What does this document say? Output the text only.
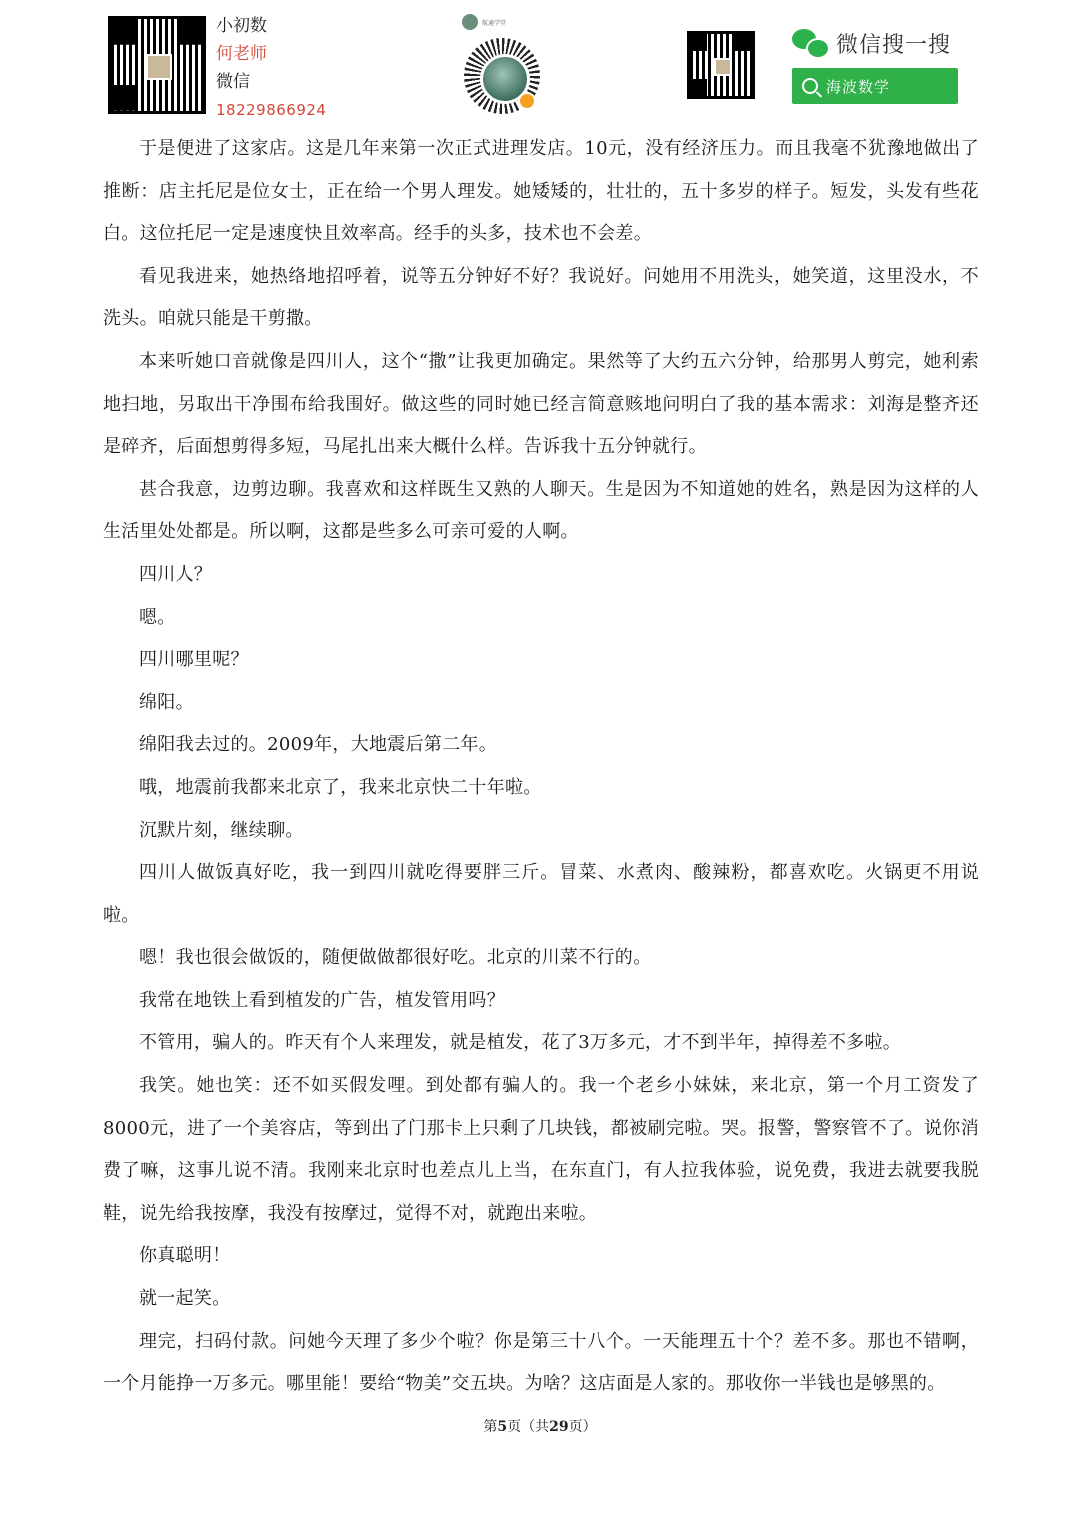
小初数
何老师
微信
18229866924
航通学堂
微信搜一搜
海波数学

于是便进了这家店。这是几年来第一次正式进理发店。10元，没有经济压力。而且我毫不犹豫地做出了推断：店主托尼是位女士，正在给一个男人理发。她矮矮的，壮壮的，五十多岁的样子。短发，头发有些花白。这位托尼一定是速度快且效率高。经手的头多，技术也不会差。

看见我进来，她热络地招呼着，说等五分钟好不好？我说好。问她用不用洗头，她笑道，这里没水，不洗头。咱就只能是干剪撒。

本来听她口音就像是四川人，这个“撒”让我更加确定。果然等了大约五六分钟，给那男人剪完，她利索地扫地，另取出干净围布给我围好。做这些的同时她已经言简意赅地问明白了我的基本需求：刘海是整齐还是碎齐，后面想剪得多短，马尾扎出来大概什么样。告诉我十五分钟就行。

甚合我意，边剪边聊。我喜欢和这样既生又熟的人聊天。生是因为不知道她的姓名，熟是因为这样的人生活里处处都是。所以啊，这都是些多么可亲可爱的人啊。

四川人？

嗯。

四川哪里呢？

绵阳。

绵阳我去过的。2009年，大地震后第二年。

哦，地震前我都来北京了，我来北京快二十年啦。

沉默片刻，继续聊。

四川人做饭真好吃，我一到四川就吃得要胖三斤。冒菜、水煮肉、酸辣粉，都喜欢吃。火锅更不用说啦。

嗯！我也很会做饭的，随便做做都很好吃。北京的川菜不行的。

我常在地铁上看到植发的广告，植发管用吗？

不管用，骗人的。昨天有个人来理发，就是植发，花了3万多元，才不到半年，掉得差不多啦。

我笑。她也笑：还不如买假发哩。到处都有骗人的。我一个老乡小妹妹，来北京，第一个月工资发了8000元，进了一个美容店，等到出了门那卡上只剩了几块钱，都被刷完啦。哭。报警，警察管不了。说你消费了嘛，这事儿说不清。我刚来北京时也差点儿上当，在东直门，有人拉我体验，说免费，我进去就要我脱鞋，说先给我按摩，我没有按摩过，觉得不对，就跑出来啦。

你真聪明！

就一起笑。

理完，扫码付款。问她今天理了多少个啦？你是第三十八个。一天能理五十个？差不多。那也不错啊，一个月能挣一万多元。哪里能！要给“物美”交五块。为啥？这店面是人家的。那收你一半钱也是够黑的。

第5页（共29页）
